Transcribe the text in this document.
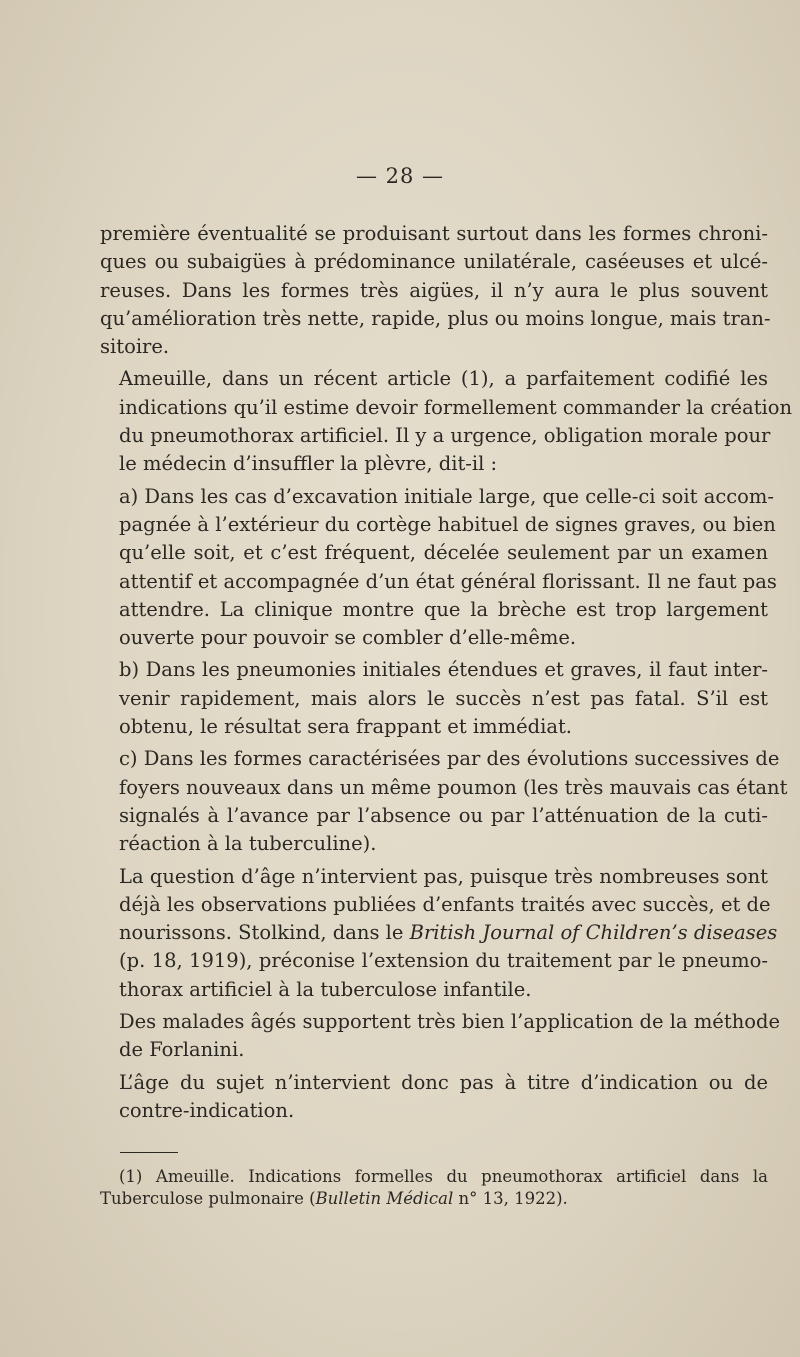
— 28 —

première éventualité se produisant surtout dans les formes chroni-
ques ou subaigües à prédominance unilatérale, caséeuses et ulcé-
reuses. Dans les formes très aigües, il n’y aura le plus souvent
qu’amélioration très nette, rapide, plus ou moins longue, mais tran-
sitoire.

Ameuille, dans un récent article (1), a parfaitement codifié les
indications qu’il estime devoir formellement commander la création
du pneumothorax artificiel. Il y a urgence, obligation morale pour
le médecin d’insuffler la plèvre, dit-il :

a) Dans les cas d’excavation initiale large, que celle-ci soit accom-
pagnée à l’extérieur du cortège habituel de signes graves, ou bien
qu’elle soit, et c’est fréquent, décelée seulement par un examen
attentif et accompagnée d’un état général florissant. Il ne faut pas
attendre. La clinique montre que la brèche est trop largement
ouverte pour pouvoir se combler d’elle-même.

b) Dans les pneumonies initiales étendues et graves, il faut inter-
venir rapidement, mais alors le succès n’est pas fatal. S’il est
obtenu, le résultat sera frappant et immédiat.

c) Dans les formes caractérisées par des évolutions successives de
foyers nouveaux dans un même poumon (les très mauvais cas étant
signalés à l’avance par l’absence ou par l’atténuation de la cuti-
réaction à la tuberculine).

La question d’âge n’intervient pas, puisque très nombreuses sont
déjà les observations publiées d’enfants traités avec succès, et de
nourissons. Stolkind, dans le British Journal of Children’s diseases
(p. 18, 1919), préconise l’extension du traitement par le pneumo-
thorax artificiel à la tuberculose infantile.

Des malades âgés supportent très bien l’application de la méthode
de Forlanini.

L’âge du sujet n’intervient donc pas à titre d’indication ou de
contre-indication.

(1) Ameuille. Indications formelles du pneumothorax artificiel dans la
Tuberculose pulmonaire (Bulletin Médical n° 13, 1922).
